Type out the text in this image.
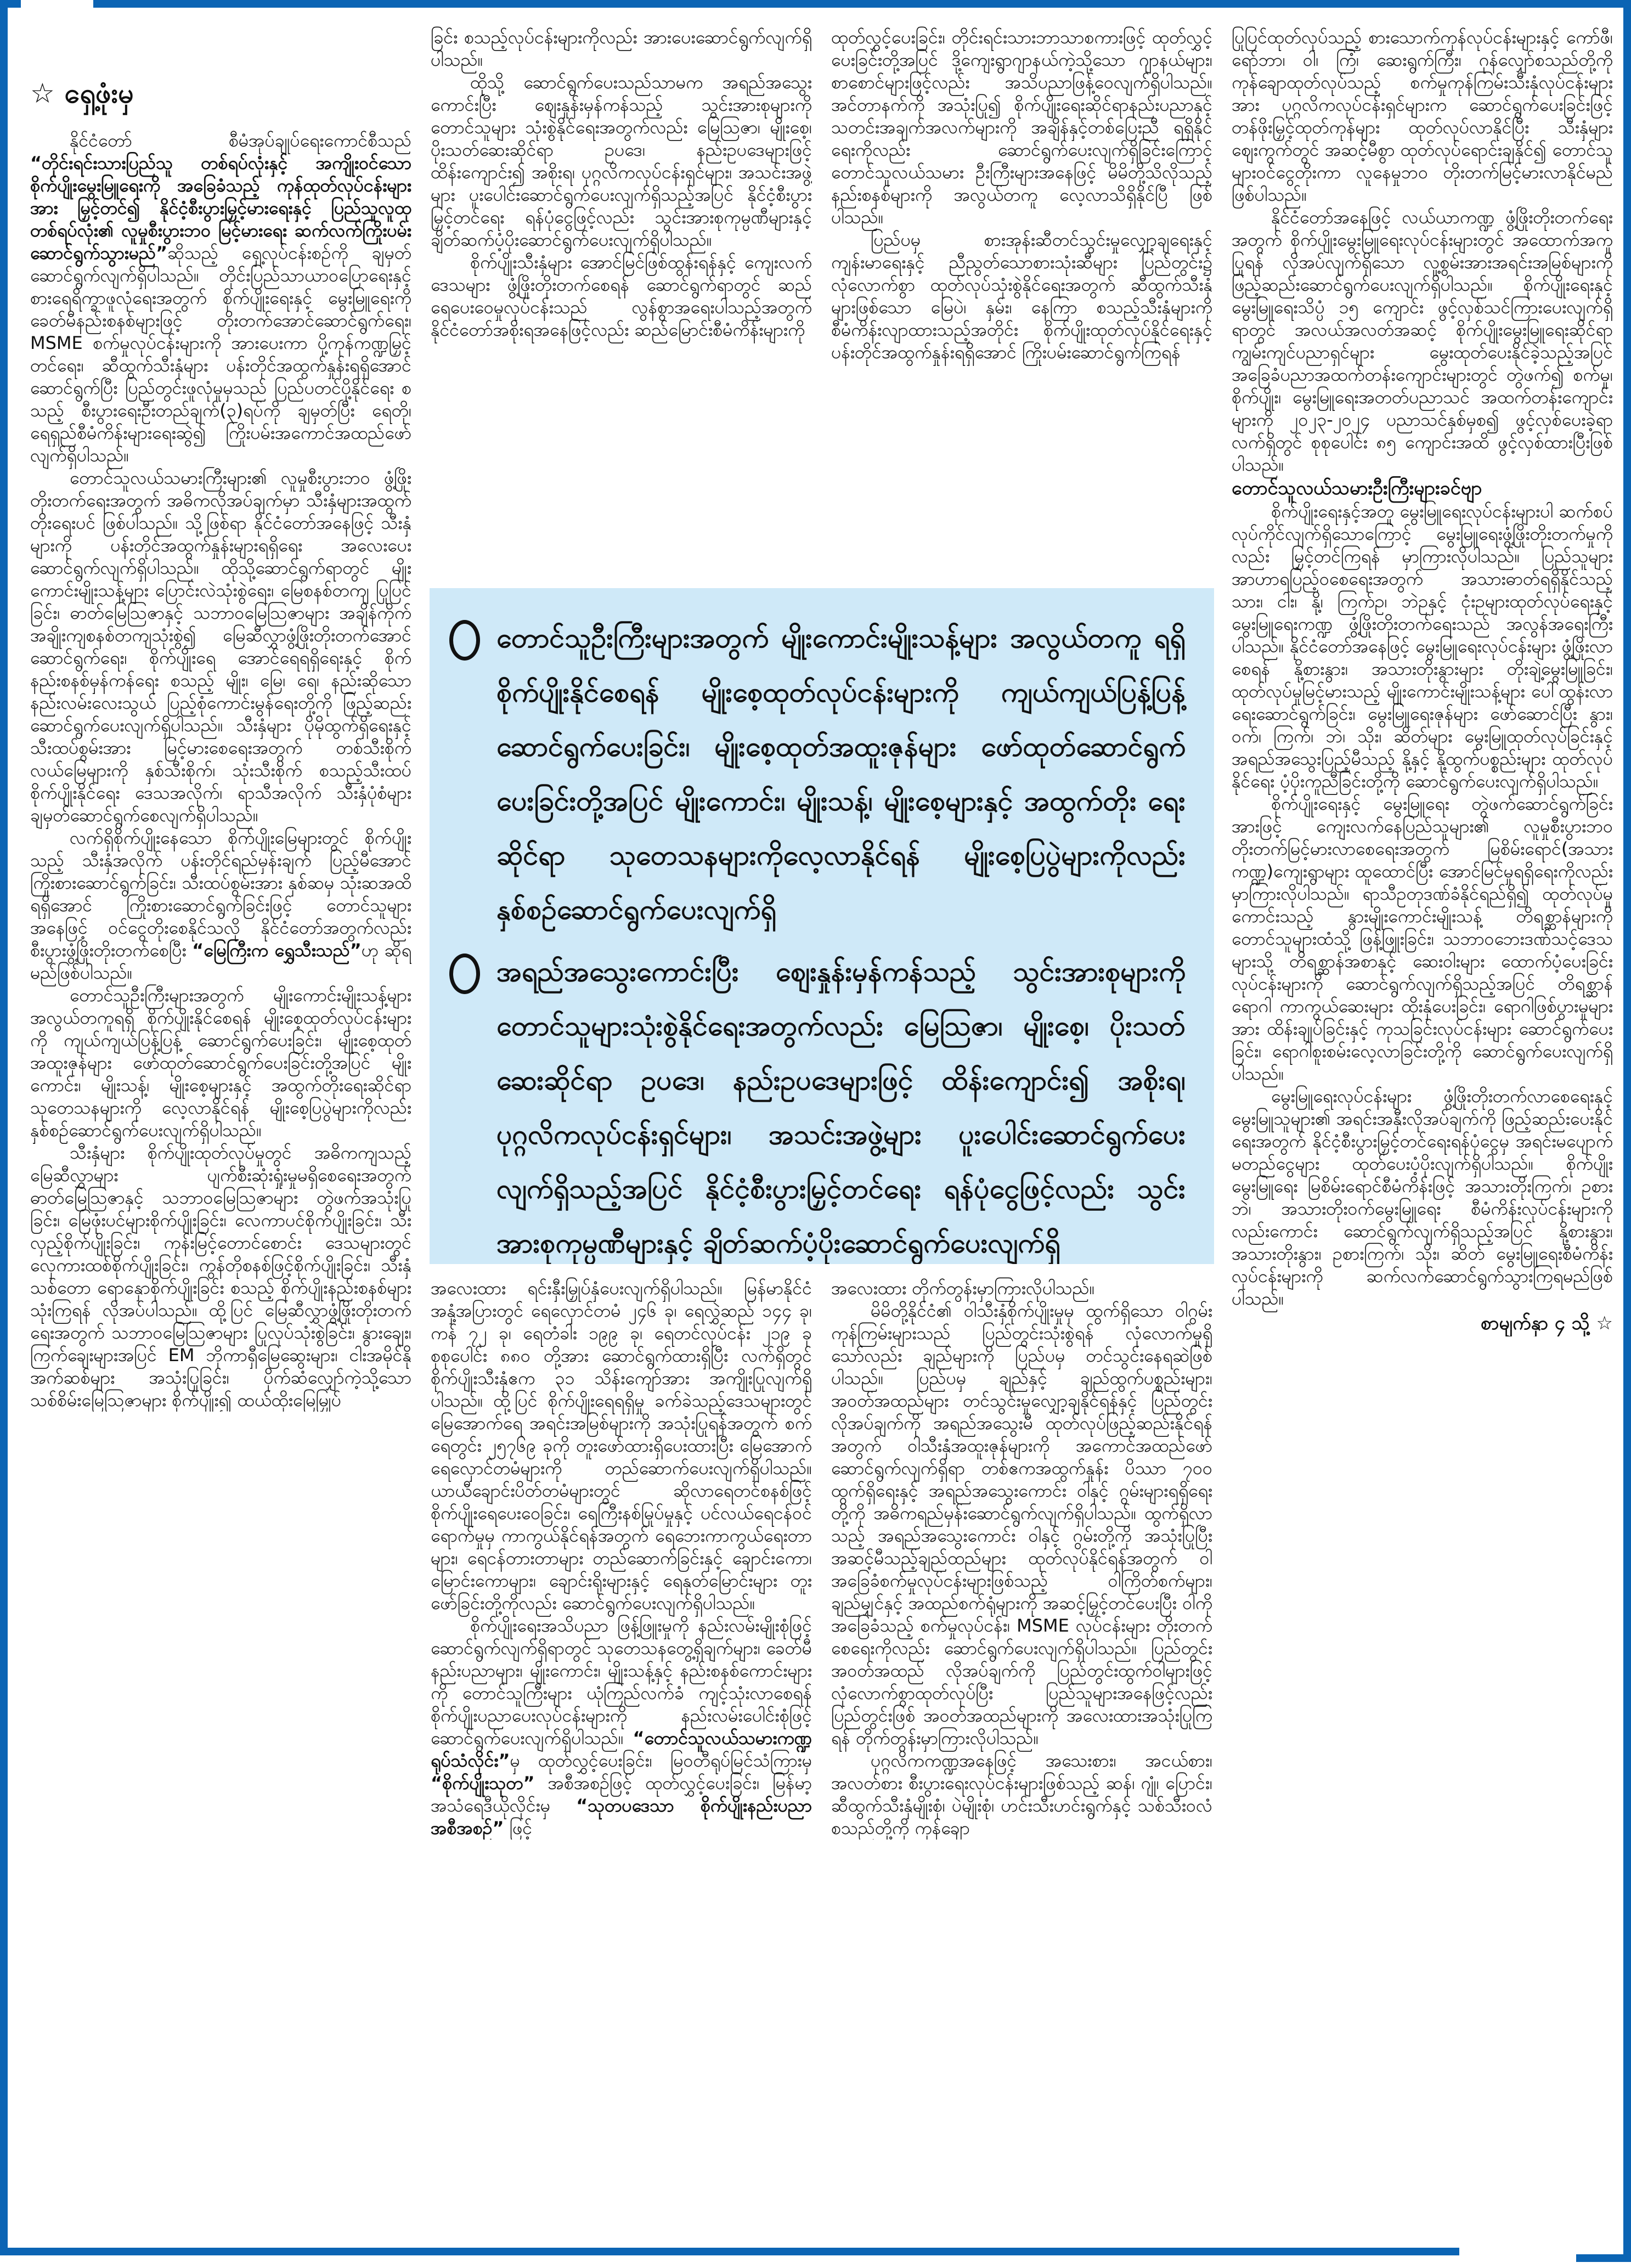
☆ ရှေ့ဖုံးမှ

နိုင်ငံတော် စီမံအုပ်ချုပ်ရေးကောင်စီသည် “တိုင်းရင်းသားပြည်သူ တစ်ရပ်လုံးနှင့် အကျိုးဝင်သော စိုက်ပျိုးမွေးမြူရေးကို အခြေခံသည့် ကုန်ထုတ်လုပ်ငန်းများအား မြှင့်တင်၍ နိုင်ငံ့စီးပွားမြှင့်မားရေးနှင့် ပြည်သူလူထုတစ်ရပ်လုံး၏ လူမှုစီးပွားဘဝ မြင့်မားရေး ဆက်လက်ကြိုးပမ်းဆောင်ရွက်သွားမည်”ဆိုသည့် ရှေ့လုပ်ငန်းစဉ်ကို ချမှတ်ဆောင်ရွက်လျက်ရှိပါသည်။ တိုင်းပြည်သာယာဝပြောရေးနှင့် စားရေရိက္ခာဖူလုံရေးအတွက် စိုက်ပျိုးရေးနှင့် မွေးမြူရေးကို ခေတ်မီနည်းစနစ်များဖြင့် တိုးတက်အောင်ဆောင်ရွက်ရေး၊ MSME စက်မှုလုပ်ငန်းများကို အားပေးကာ ပို့ကုန်ကဏ္ဍမြှင့်တင်ရေး၊ ဆီထွက်သီးနှံများ ပန်းတိုင်အထွက်နှုန်းရရှိအောင် ဆောင်ရွက်ပြီး ပြည်တွင်းဖူလုံမှုမှသည် ပြည်ပတင်ပို့နိုင်ရေး စသည့် စီးပွားရေးဦးတည်ချက်(၃)ရပ်ကို ချမှတ်ပြီး ရေတို၊ ရေရှည်စီမံကိန်းများရေးဆွဲ၍ ကြိုးပမ်းအကောင်အထည်ဖော်လျက်ရှိပါသည်။

တောင်သူလယ်သမားကြီးများ၏ လူမှုစီးပွားဘဝ ဖွံ့ဖြိုးတိုးတက်ရေးအတွက် အဓိကလိုအပ်ချက်မှာ သီးနှံများအထွက်တိုးရေးပင် ဖြစ်ပါသည်။ သို့ဖြစ်ရာ နိုင်ငံတော်အနေဖြင့် သီးနှံများကို ပန်းတိုင်အထွက်နှုန်းများရရှိရေး အလေးပေးဆောင်ရွက်လျက်ရှိပါသည်။ ထိုသို့ဆောင်ရွက်ရာတွင် မျိုးကောင်းမျိုးသန့်များ ပြောင်းလဲသုံးစွဲရေး၊ မြေစနစ်တကျ ပြုပြင်ခြင်း၊ ဓာတ်မြေဩဇာနှင့် သဘာဝမြေဩဇာများ အချိန်ကိုက် အချိုးကျစနစ်တကျသုံးစွဲ၍ မြေဆီလွှာဖွံ့ဖြိုးတိုးတက်အောင် ဆောင်ရွက်ရေး၊ စိုက်ပျိုးရေ အောင်ရေရရှိရေးနှင့် စိုက်နည်းစနစ်မှန်ကန်ရေး စသည့် မျိုး၊ မြေ၊ ရေ၊ နည်းဆိုသော နည်းလမ်းလေးသွယ် ပြည့်စုံကောင်းမွန်ရေးတို့ကို ဖြည့်ဆည်းဆောင်ရွက်ပေးလျက်ရှိပါသည်။ သီးနှံများ ပိုမိုထွက်ရှိရေးနှင့် သီးထပ်စွမ်းအား မြင့်မားစေရေးအတွက် တစ်သီးစိုက်လယ်မြေများကို နှစ်သီးစိုက်၊ သုံးသီးစိုက် စသည့်သီးထပ်စိုက်ပျိုးနိုင်ရေး ဒေသအလိုက်၊ ရာသီအလိုက် သီးနှံပုံစံများ ချမှတ်ဆောင်ရွက်စေလျက်ရှိပါသည်။

လက်ရှိစိုက်ပျိုးနေသော စိုက်ပျိုးမြေများတွင် စိုက်ပျိုးသည့် သီးနှံအလိုက် ပန်းတိုင်ရည်မှန်းချက် ပြည့်မီအောင် ကြိုးစားဆောင်ရွက်ခြင်း၊ သီးထပ်စွမ်းအား နှစ်ဆမှ သုံးဆအထိရရှိအောင် ကြိုးစားဆောင်ရွက်ခြင်းဖြင့် တောင်သူများအနေဖြင့် ဝင်ငွေတိုးစေနိုင်သလို နိုင်ငံတော်အတွက်လည်း စီးပွားဖွံ့ဖြိုးတိုးတက်စေပြီး “မြေကြီးက ရွှေသီးသည်”ဟု ဆိုရမည်ဖြစ်ပါသည်။

တောင်သူဦးကြီးများအတွက် မျိုးကောင်းမျိုးသန့်များ အလွယ်တကူရရှိ စိုက်ပျိုးနိုင်စေရန် မျိုးစေ့ထုတ်လုပ်ငန်းများကို ကျယ်ကျယ်ပြန့်ပြန့် ဆောင်ရွက်ပေးခြင်း၊ မျိုးစေ့ထုတ်အထူးဇုန်များ ဖော်ထုတ်ဆောင်ရွက်ပေးခြင်းတို့အပြင် မျိုးကောင်း၊ မျိုးသန့်၊ မျိုးစေ့များနှင့် အထွက်တိုးရေးဆိုင်ရာ သုတေသနများကို လေ့လာနိုင်ရန် မျိုးစေ့ပြပွဲများကိုလည်း နှစ်စဉ်ဆောင်ရွက်ပေးလျက်ရှိပါသည်။

သီးနှံများ စိုက်ပျိုးထုတ်လုပ်မှုတွင် အဓိကကျသည့် မြေဆီလွှာများ ပျက်စီးဆုံးရှုံးမှုမရှိစေရေးအတွက် ဓာတ်မြေဩဇာနှင့် သဘာဝမြေဩဇာများ တွဲဖက်အသုံးပြုခြင်း၊ မြေဖုံးပင်များစိုက်ပျိုးခြင်း၊ လေကာပင်စိုက်ပျိုးခြင်း၊ သီးလှည့်စိုက်ပျိုးခြင်း၊ ကုန်းမြင့်တောင်စောင်း ဒေသများတွင် လှေကားထစ်စိုက်ပျိုးခြင်း၊ ကွန်တိုစနစ်ဖြင့်စိုက်ပျိုးခြင်း၊ သီးနှံသစ်တော ရောနှောစိုက်ပျိုးခြင်း စသည့် စိုက်ပျိုးနည်းစနစ်များသုံးကြရန် လိုအပ်ပါသည်။ ထို့ပြင် မြေဆီလွှာဖွံ့ဖြိုးတိုးတက်ရေးအတွက် သဘာဝမြေဩဇာများ ပြုလုပ်သုံးစွဲခြင်း၊ နွားချေး၊ ကြက်ချေးများအပြင် EM ဘိုကာရှီမြေဆွေးများ၊ ငါးအမိုင်နိုအက်ဆစ်များ အသုံးပြုခြင်း၊ ပိုက်ဆံလျှော်ကဲ့သို့သော သစ်စိမ်းမြေဩဇာများ စိုက်ပျိုး၍ ထယ်ထိုးမြေမြှုပ်

ခြင်း စသည့်လုပ်ငန်းများကိုလည်း အားပေးဆောင်ရွက်လျက်ရှိပါသည်။

ထိုသို့ ဆောင်ရွက်ပေးသည်သာမက အရည်အသွေးကောင်းပြီး ဈေးနှုန်းမှန်ကန်သည့် သွင်းအားစုများကို တောင်သူများ သုံးစွဲနိုင်ရေးအတွက်လည်း မြေဩဇာ၊ မျိုးစေ့၊ ပိုးသတ်ဆေးဆိုင်ရာ ဥပဒေ၊ နည်းဥပဒေများဖြင့် ထိန်းကျောင်း၍ အစိုးရ၊ ပုဂ္ဂလိကလုပ်ငန်းရှင်များ၊ အသင်းအဖွဲ့များ ပူးပေါင်းဆောင်ရွက်ပေးလျက်ရှိသည့်အပြင် နိုင်ငံ့စီးပွားမြှင့်တင်ရေး ရန်ပုံငွေဖြင့်လည်း သွင်းအားစုကုမ္ပဏီများနှင့် ချိတ်ဆက်ပံ့ပိုးဆောင်ရွက်ပေးလျက်ရှိပါသည်။

စိုက်ပျိုးသီးနှံများ အောင်မြင်ဖြစ်ထွန်းရန်နှင့် ကျေးလက်ဒေသများ ဖွံ့ဖြိုးတိုးတက်စေရန် ဆောင်ရွက်ရာတွင် ဆည်ရေပေးဝေမှုလုပ်ငန်းသည် လွန်စွာအရေးပါသည့်အတွက် နိုင်ငံတော်အစိုးရအနေဖြင့်လည်း ဆည်မြောင်းစီမံကိန်းများကို

အလေးထား ရင်းနှီးမြှုပ်နှံပေးလျက်ရှိပါသည်။ မြန်မာနိုင်ငံအနှံ့အပြားတွင် ရေလှောင်တမံ ၂၄၆ ခု၊ ရေလွှဲဆည် ၁၄၄ ခု၊ ကန် ၇၂ ခု၊ ရေတံခါး ၁၉၉ ခု၊ ရေတင်လုပ်ငန်း ၂၁၉ ခု စုစုပေါင်း ၈၈၀ တို့အား ဆောင်ရွက်ထားရှိပြီး လက်ရှိတွင် စိုက်ပျိုးသီးနှံဧက ၃၁ သိန်းကျော်အား အကျိုးပြုလျက်ရှိပါသည်။ ထို့ပြင် စိုက်ပျိုးရေရရှိမှု ခက်ခဲသည့်ဒေသများတွင် မြေအောက်ရေ အရင်းအမြစ်များကို အသုံးပြုရန်အတွက် စက်ရေတွင်း ၂၅၇၆၉ ခုကို တူးဖော်ထားရှိပေးထားပြီး မြေအောက်ရေလှောင်တမံများကို တည်ဆောက်ပေးလျက်ရှိပါသည်။ ယာယီချောင်းပိတ်တမံများတွင် ဆိုလာရေတင်စနစ်ဖြင့် စိုက်ပျိုးရေပေးဝေခြင်း၊ ရေကြီးနစ်မြုပ်မှုနှင့် ပင်လယ်ရေငန်ဝင်ရောက်မှုမှ ကာကွယ်နိုင်ရန်အတွက် ရေဘေးကာကွယ်ရေးတာများ၊ ရေငန်တားတာများ တည်ဆောက်ခြင်းနှင့် ချောင်းကော၊ မြောင်းကောများ၊ ချောင်းရိုးများနှင့် ရေနုတ်မြောင်းများ တူးဖော်ခြင်းတို့ကိုလည်း ဆောင်ရွက်ပေးလျက်ရှိပါသည်။

စိုက်ပျိုးရေးအသိပညာ ဖြန့်ဖြူးမှုကို နည်းလမ်းမျိုးစုံဖြင့် ဆောင်ရွက်လျက်ရှိရာတွင် သုတေသနတွေ့ရှိချက်များ၊ ခေတ်မီနည်းပညာများ၊ မျိုးကောင်း၊ မျိုးသန့်နှင့် နည်းစနစ်ကောင်းများကို တောင်သူကြီးများ ယုံကြည်လက်ခံ ကျင့်သုံးလာစေရန် စိုက်ပျိုးပညာပေးလုပ်ငန်းများကို နည်းလမ်းပေါင်းစုံဖြင့် ဆောင်ရွက်ပေးလျက်ရှိပါသည်။ “တောင်သူလယ်သမားကဏ္ဍရုပ်သံလိုင်း”မှ ထုတ်လွှင့်ပေးခြင်း၊ မြဝတီရုပ်မြင်သံကြားမှ “စိုက်ပျိုးသုတ” အစီအစဉ်ဖြင့် ထုတ်လွှင့်ပေးခြင်း၊ မြန်မာ့အသံရေဒီယိုလိုင်းမှ “သုတပဒေသာ စိုက်ပျိုးနည်းပညာအစီအစဉ်” ဖြင့်

ထုတ်လွှင့်ပေးခြင်း၊ တိုင်းရင်းသားဘာသာစကားဖြင့် ထုတ်လွှင့်ပေးခြင်းတို့အပြင် ဒို့ကျေးရွာဂျာနယ်ကဲ့သို့သော ဂျာနယ်များ၊ စာစောင်များဖြင့်လည်း အသိပညာဖြန့်ဝေလျက်ရှိပါသည်။ အင်တာနက်ကို အသုံးပြု၍ စိုက်ပျိုးရေးဆိုင်ရာနည်းပညာနှင့် သတင်းအချက်အလက်များကို အချိန်နှင့်တစ်ပြေးညီ ရရှိနိုင်ရေးကိုလည်း ဆောင်ရွက်ပေးလျက်ရှိခြင်းကြောင့် တောင်သူလယ်သမား ဦးကြီးများအနေဖြင့် မိမိတို့သိလိုသည့် နည်းစနစ်များကို အလွယ်တကူ လေ့လာသိရှိနိုင်ပြီ ဖြစ်ပါသည်။

ပြည်ပမှ စားအုန်းဆီတင်သွင်းမှုလျှော့ချရေးနှင့် ကျန်းမာရေးနှင့် ညီညွတ်သောစားသုံးဆီများ ပြည်တွင်း၌ လုံလောက်စွာ ထုတ်လုပ်သုံးစွဲနိုင်ရေးအတွက် ဆီထွက်သီးနှံများဖြစ်သော မြေပဲ၊ နှမ်း၊ နေကြာ စသည့်သီးနှံများကို စီမံကိန်းလျာထားသည့်အတိုင်း စိုက်ပျိုးထုတ်လုပ်နိုင်ရေးနှင့် ပန်းတိုင်အထွက်နှုန်းရရှိအောင် ကြိုးပမ်းဆောင်ရွက်ကြရန်

အလေးထား တိုက်တွန်းမှာကြားလိုပါသည်။

မိမိတို့နိုင်ငံ၏ ဝါသီးနှံစိုက်ပျိုးမှုမှ ထွက်ရှိသော ဝါဂွမ်းကုန်ကြမ်းများသည် ပြည်တွင်းသုံးစွဲရန် လုံလောက်မှုရှိသော်လည်း ချည်များကို ပြည်ပမှ တင်သွင်းနေရဆဲဖြစ်ပါသည်။ ပြည်ပမှ ချည်နှင့် ချည်ထွက်ပစ္စည်းများ၊ အဝတ်အထည်များ တင်သွင်းမှုလျှော့ချနိုင်ရန်နှင့် ပြည်တွင်းလိုအပ်ချက်ကို အရည်အသွေးမီ ထုတ်လုပ်ဖြည့်ဆည်းနိုင်ရန်အတွက် ဝါသီးနှံအထူးဇုန်များကို အကောင်အထည်ဖော် ဆောင်ရွက်လျက်ရှိရာ တစ်ဧကအထွက်နှုန်း ပိဿာ ၇၀၀ ထွက်ရှိရေးနှင့် အရည်အသွေးကောင်း ဝါနှင့် ဂွမ်းများရရှိရေးတို့ကို အဓိကရည်မှန်းဆောင်ရွက်လျက်ရှိပါသည်။ ထွက်ရှိလာသည့် အရည်အသွေးကောင်း ဝါနှင့် ဂွမ်းတို့ကို အသုံးပြုပြီး အဆင့်မီသည့်ချည်ထည်များ ထုတ်လုပ်နိုင်ရန်အတွက် ဝါအခြေခံစက်မှုလုပ်ငန်းများဖြစ်သည့် ဝါကြိတ်စက်များ၊ ချည်မျှင်နှင့် အထည်စက်ရုံများကို အဆင့်မြှင့်တင်ပေးပြီး ဝါကိုအခြေခံသည့် စက်မှုလုပ်ငန်း၊ MSME လုပ်ငန်းများ တိုးတက်စေရေးကိုလည်း ဆောင်ရွက်ပေးလျက်ရှိပါသည်။ ပြည်တွင်းအဝတ်အထည် လိုအပ်ချက်ကို ပြည်တွင်းထွက်ဝါများဖြင့် လုံလောက်စွာထုတ်လုပ်ပြီး ပြည်သူများအနေဖြင့်လည်း ပြည်တွင်းဖြစ် အဝတ်အထည်များကို အလေးထားအသုံးပြုကြရန် တိုက်တွန်းမှာကြားလိုပါသည်။

ပုဂ္ဂလိကကဏ္ဍအနေဖြင့် အသေးစား၊ အငယ်စား၊ အလတ်စား စီးပွားရေးလုပ်ငန်းများဖြစ်သည့် ဆန်၊ ဂျုံ၊ ပြောင်း၊ ဆီထွက်သီးနှံမျိုးစုံ၊ ပဲမျိုးစုံ၊ ဟင်းသီးဟင်းရွက်နှင့် သစ်သီးဝလံ စသည်တို့ကို ကုန်ချော

ပြုပြင်ထုတ်လုပ်သည့် စားသောက်ကုန်လုပ်ငန်းများနှင့် ကော်ဖီ၊ ရော်ဘာ၊ ဝါ၊ ကြံ၊ ဆေးရွက်ကြီး၊ ဂုန်လျှော်စသည်တို့ကို ကုန်ချောထုတ်လုပ်သည့် စက်မှုကုန်ကြမ်းသီးနှံလုပ်ငန်းများအား ပုဂ္ဂလိကလုပ်ငန်းရှင်များက ဆောင်ရွက်ပေးခြင်းဖြင့် တန်ဖိုးမြှင့်ထုတ်ကုန်များ ထုတ်လုပ်လာနိုင်ပြီး သီးနှံများ ဈေးကွက်တွင် အဆင့်မီစွာ ထုတ်လုပ်ရောင်းချနိုင်၍ တောင်သူများဝင်ငွေတိုးကာ လူနေမှုဘဝ တိုးတက်မြင့်မားလာနိုင်မည်ဖြစ်ပါသည်။

နိုင်ငံတော်အနေဖြင့် လယ်ယာကဏ္ဍ ဖွံ့ဖြိုးတိုးတက်ရေးအတွက် စိုက်ပျိုးမွေးမြူရေးလုပ်ငန်းများတွင် အထောက်အကူပြုရန် လိုအပ်လျက်ရှိသော လူ့စွမ်းအားအရင်းအမြစ်များကို ဖြည့်ဆည်းဆောင်ရွက်ပေးလျက်ရှိပါသည်။ စိုက်ပျိုးရေးနှင့် မွေးမြူရေးသိပ္ပံ ၁၅ ကျောင်း ဖွင့်လှစ်သင်ကြားပေးလျက်ရှိရာတွင် အလယ်အလတ်အဆင့် စိုက်ပျိုးမွေးမြူရေးဆိုင်ရာ ကျွမ်းကျင်ပညာရှင်များ မွေးထုတ်ပေးနိုင်ခဲ့သည့်အပြင် အခြေခံပညာအထက်တန်းကျောင်းများတွင် တွဲဖက်၍ စက်မှု၊ စိုက်ပျိုး၊ မွေးမြူရေးအတတ်ပညာသင် အထက်တန်းကျောင်းများကို ၂၀၂၃-၂၀၂၄ ပညာသင်နှစ်မှစ၍ ဖွင့်လှစ်ပေးခဲ့ရာ လက်ရှိတွင် စုစုပေါင်း ၈၅ ကျောင်းအထိ ဖွင့်လှစ်ထားပြီးဖြစ်ပါသည်။

တောင်သူလယ်သမားဦးကြီးများခင်ဗျာ

စိုက်ပျိုးရေးနှင့်အတူ မွေးမြူရေးလုပ်ငန်းများပါ ဆက်စပ်လုပ်ကိုင်လျက်ရှိသောကြောင့် မွေးမြူရေးဖွံ့ဖြိုးတိုးတက်မှုကိုလည်း မြှင့်တင်ကြရန် မှာကြားလိုပါသည်။ ပြည်သူများ အာဟာရပြည့်ဝစေရေးအတွက် အသားဓာတ်ရရှိနိုင်သည့် သား၊ ငါး၊ နို့၊ ကြက်ဥ၊ ဘဲဥနှင့် ငုံးဥများထုတ်လုပ်ရေးနှင့် မွေးမြူရေးကဏ္ဍ ဖွံ့ဖြိုးတိုးတက်ရေးသည် အလွန်အရေးကြီးပါသည်။ နိုင်ငံတော်အနေဖြင့် မွေးမြူရေးလုပ်ငန်းများ ဖွံ့ဖြိုးလာစေရန် နို့စားနွား၊ အသားတိုးနွားများ တိုးချဲ့မွေးမြူခြင်း၊ ထုတ်လုပ်မှုမြင့်မားသည့် မျိုးကောင်းမျိုးသန့်များ ပေါ်ထွန်းလာရေးဆောင်ရွက်ခြင်း၊ မွေးမြူရေးဇုန်များ ဖော်ဆောင်ပြီး နွား၊ ဝက်၊ ကြက်၊ ဘဲ၊ သိုး၊ ဆိတ်များ မွေးမြူထုတ်လုပ်ခြင်းနှင့် အရည်အသွေးပြည့်မီသည့် နို့နှင့် နို့ထွက်ပစ္စည်းများ ထုတ်လုပ်နိုင်ရေး ပံ့ပိုးကူညီခြင်းတို့ကို ဆောင်ရွက်ပေးလျက်ရှိပါသည်။

စိုက်ပျိုးရေးနှင့် မွေးမြူရေး တွဲဖက်ဆောင်ရွက်ခြင်းအားဖြင့် ကျေးလက်နေပြည်သူများ၏ လူမှုစီးပွားဘဝ တိုးတက်မြင့်မားလာစေရေးအတွက် မြစိမ်းရောင်(အသားကဏ္ဍ)ကျေးရွာများ ထူထောင်ပြီး အောင်မြင်မှုရရှိရေးကိုလည်း မှာကြားလိုပါသည်။ ရာသီဥတုဒဏ်ခံနိုင်ရည်ရှိ၍ ထုတ်လုပ်မှုကောင်းသည့် နွားမျိုးကောင်းမျိုးသန့် တိရစ္ဆာန်များကို တောင်သူများထံသို့ ဖြန့်ဖြူးခြင်း၊ သဘာဝဘေးဒဏ်သင့်ဒေသများသို့ တိရစ္ဆာန်အစာနှင့် ဆေးဝါးများ ထောက်ပံ့ပေးခြင်းလုပ်ငန်းများကို ဆောင်ရွက်လျက်ရှိသည့်အပြင် တိရစ္ဆာန်ရောဂါ ကာကွယ်ဆေးများ ထိုးနှံပေးခြင်း၊ ရောဂါဖြစ်ပွားမှုများအား ထိန်းချုပ်ခြင်းနှင့် ကုသခြင်းလုပ်ငန်းများ ဆောင်ရွက်ပေးခြင်း၊ ရောဂါစူးစမ်းလေ့လာခြင်းတို့ကို ဆောင်ရွက်ပေးလျက်ရှိပါသည်။

မွေးမြူရေးလုပ်ငန်းများ ဖွံ့ဖြိုးတိုးတက်လာစေရေးနှင့် မွေးမြူသူများ၏ အရင်းအနှီးလိုအပ်ချက်ကို ဖြည့်ဆည်းပေးနိုင်ရေးအတွက် နိုင်ငံ့စီးပွားမြှင့်တင်ရေးရန်ပုံငွေမှ အရင်းမပျောက် မတည်ငွေများ ထုတ်ပေးပံ့ပိုးလျက်ရှိပါသည်။ စိုက်ပျိုးမွေးမြူရေး မြစိမ်းရောင်စီမံကိန်းဖြင့် အသားတိုးကြက်၊ ဥစားဘဲ၊ အသားတိုးဝက်မွေးမြူရေး စီမံကိန်းလုပ်ငန်းများကိုလည်းကောင်း ဆောင်ရွက်လျက်ရှိသည့်အပြင် နို့စားနွား၊ အသားတိုးနွား၊ ဥစားကြက်၊ သိုး၊ ဆိတ် မွေးမြူရေးစီမံကိန်းလုပ်ငန်းများကို ဆက်လက်ဆောင်ရွက်သွားကြရမည်ဖြစ်ပါသည်။

စာမျက်နှာ ၄ သို့ ☆

တောင်သူဦးကြီးများအတွက် မျိုးကောင်းမျိုးသန့်များ အလွယ်တကူ ရရှိ စိုက်ပျိုးနိုင်စေရန် မျိုးစေ့ထုတ်လုပ်ငန်းများကို ကျယ်ကျယ်ပြန့်ပြန့် ဆောင်ရွက်ပေးခြင်း၊ မျိုးစေ့ထုတ်အထူးဇုန်များ ဖော်ထုတ်ဆောင်ရွက် ပေးခြင်းတို့အပြင် မျိုးကောင်း၊ မျိုးသန့်၊ မျိုးစေ့များနှင့် အထွက်တိုး ရေးဆိုင်ရာ သုတေသနများကိုလေ့လာနိုင်ရန် မျိုးစေ့ပြပွဲများကိုလည်း နှစ်စဉ်ဆောင်ရွက်ပေးလျက်ရှိ

အရည်အသွေးကောင်းပြီး ဈေးနှုန်းမှန်ကန်သည့် သွင်းအားစုများကို တောင်သူများသုံးစွဲနိုင်ရေးအတွက်လည်း မြေဩဇာ၊ မျိုးစေ့၊ ပိုးသတ် ဆေးဆိုင်ရာ ဥပဒေ၊ နည်းဥပဒေများဖြင့် ထိန်းကျောင်း၍ အစိုးရ၊ ပုဂ္ဂလိကလုပ်ငန်းရှင်များ၊ အသင်းအဖွဲ့များ ပူးပေါင်းဆောင်ရွက်ပေး လျက်ရှိသည့်အပြင် နိုင်ငံ့စီးပွားမြှင့်တင်ရေး ရန်ပုံငွေဖြင့်လည်း သွင်းအားစုကုမ္ပဏီများနှင့် ချိတ်ဆက်ပံ့ပိုးဆောင်ရွက်ပေးလျက်ရှိ
